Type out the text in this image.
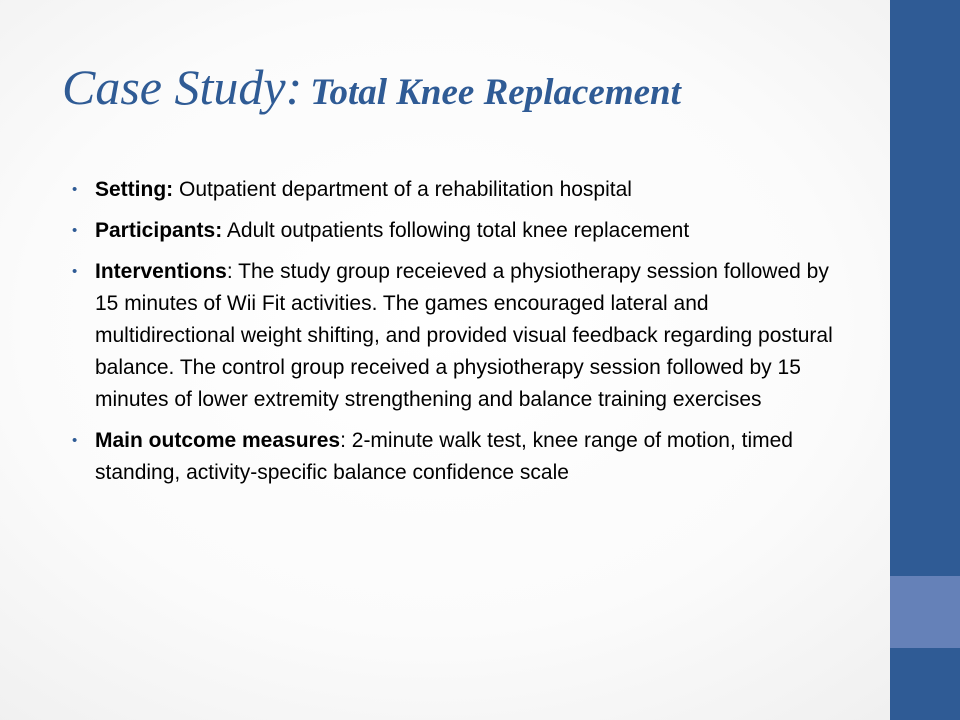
Case Study: Total Knee Replacement
• Setting: Outpatient department of a rehabilitation hospital
• Participants: Adult outpatients following total knee replacement
• Interventions: The study group receieved a physiotherapy session followed by 15 minutes of Wii Fit activities. The games encouraged lateral and multidirectional weight shifting, and provided visual feedback regarding postural balance. The control group received a physiotherapy session followed by 15 minutes of lower extremity strengthening and balance training exercises
• Main outcome measures: 2-minute walk test, knee range of motion, timed standing, activity-specific balance confidence scale
